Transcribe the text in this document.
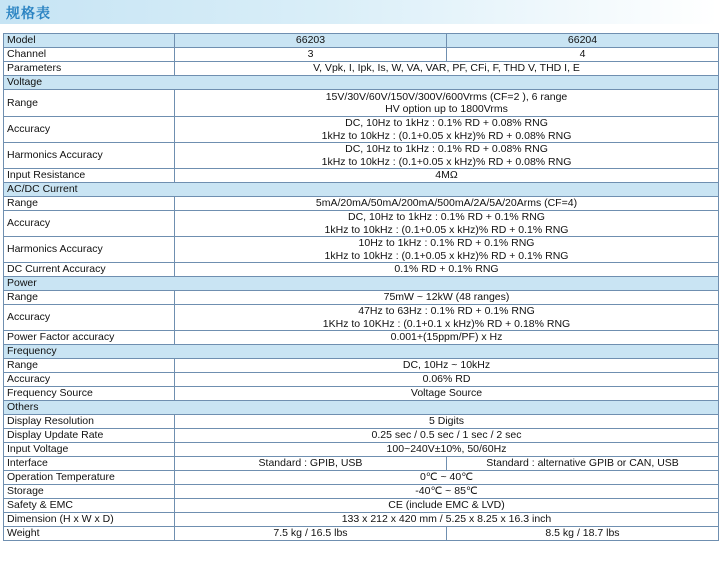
规格表
Model	66203	66204
Channel	3	4
Parameters	V, Vpk, I, Ipk, Is, W, VA, VAR, PF, CFi, F, THD V, THD I, E	
Voltage		
Range	15V/30V/60V/150V/300V/600Vrms (CF=2 ), 6 range
HV option up to 1800Vrms	

Accuracy	DC, 10Hz to 1kHz : 0.1% RD + 0.08% RNG
1kHz to 10kHz : (0.1+0.05 x kHz)% RD + 0.08% RNG	

Harmonics Accuracy	DC, 10Hz to 1kHz : 0.1% RD + 0.08% RNG
1kHz to 10kHz : (0.1+0.05 x kHz)% RD + 0.08% RNG	

Input Resistance	4MΩ	
AC/DC Current		
Range	5mA/20mA/50mA/200mA/500mA/2A/5A/20Arms (CF=4)	
Accuracy	DC, 10Hz to 1kHz : 0.1% RD + 0.1% RNG
1kHz to 10kHz : (0.1+0.05 x kHz)% RD + 0.1% RNG	

Harmonics Accuracy	10Hz to 1kHz : 0.1% RD + 0.1% RNG
1kHz to 10kHz : (0.1+0.05 x kHz)% RD + 0.1% RNG	

DC Current Accuracy	0.1% RD + 0.1% RNG	
Power		
Range	75mW ~ 12kW (48 ranges)	
Accuracy	47Hz to 63Hz : 0.1% RD + 0.1% RNG
1KHz to 10KHz : (0.1+0.1 x kHz)% RD + 0.18% RNG	

Power Factor accuracy	0.001+(15ppm/PF) x Hz	
Frequency		
Range	DC, 10Hz ~ 10kHz	
Accuracy	0.06% RD	
Frequency Source	Voltage Source	
Others		
Display Resolution	5 Digits	
Display Update Rate	0.25 sec / 0.5 sec / 1 sec / 2 sec	
Input Voltage	100~240V±10%, 50/60Hz	
Interface	Standard : GPIB, USB	Standard : alternative GPIB or CAN, USB
Operation Temperature	0℃ ~ 40℃	
Storage	-40℃ ~ 85℃	
Safety & EMC	CE (include EMC & LVD)	
Dimension (H x W x D)	133 x 212 x 420 mm / 5.25 x 8.25 x 16.3 inch	
Weight	7.5 kg / 16.5 lbs	8.5 kg / 18.7 lbs
